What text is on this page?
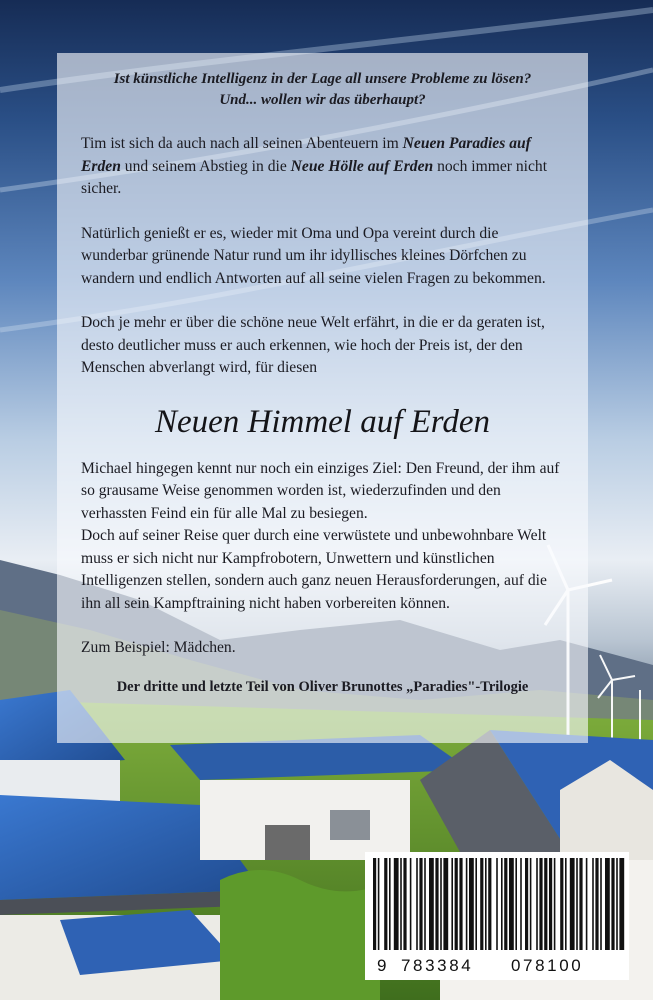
Ist künstliche Intelligenz in der Lage all unsere Probleme zu lösen?
Und... wollen wir das überhaupt?

Tim ist sich da auch nach all seinen Abenteuern im Neuen Paradies auf Erden und seinem Abstieg in die Neue Hölle auf Erden noch immer nicht sicher.

Natürlich genießt er es, wieder mit Oma und Opa vereint durch die wunderbar grünende Natur rund um ihr idyllisches kleines Dörfchen zu wandern und endlich Antworten auf all seine vielen Fragen zu bekommen.

Doch je mehr er über die schöne neue Welt erfährt, in die er da geraten ist, desto deutlicher muss er auch erkennen, wie hoch der Preis ist, der den Menschen abverlangt wird, für diesen

Neuen Himmel auf Erden

Michael hingegen kennt nur noch ein einziges Ziel: Den Freund, der ihm auf so grausame Weise genommen worden ist, wiederzufinden und den verhassten Feind ein für alle Mal zu besiegen.

Doch auf seiner Reise quer durch eine verwüstete und unbewohnbare Welt muss er sich nicht nur Kampfrobotern, Unwettern und künstlichen Intelligenzen stellen, sondern auch ganz neuen Herausforderungen, auf die ihn all sein Kampftraining nicht haben vorbereiten können.

Zum Beispiel: Mädchen.

Der dritte und letzte Teil von Oliver Brunottes „Paradies"-Trilogie

9 783384 078100
